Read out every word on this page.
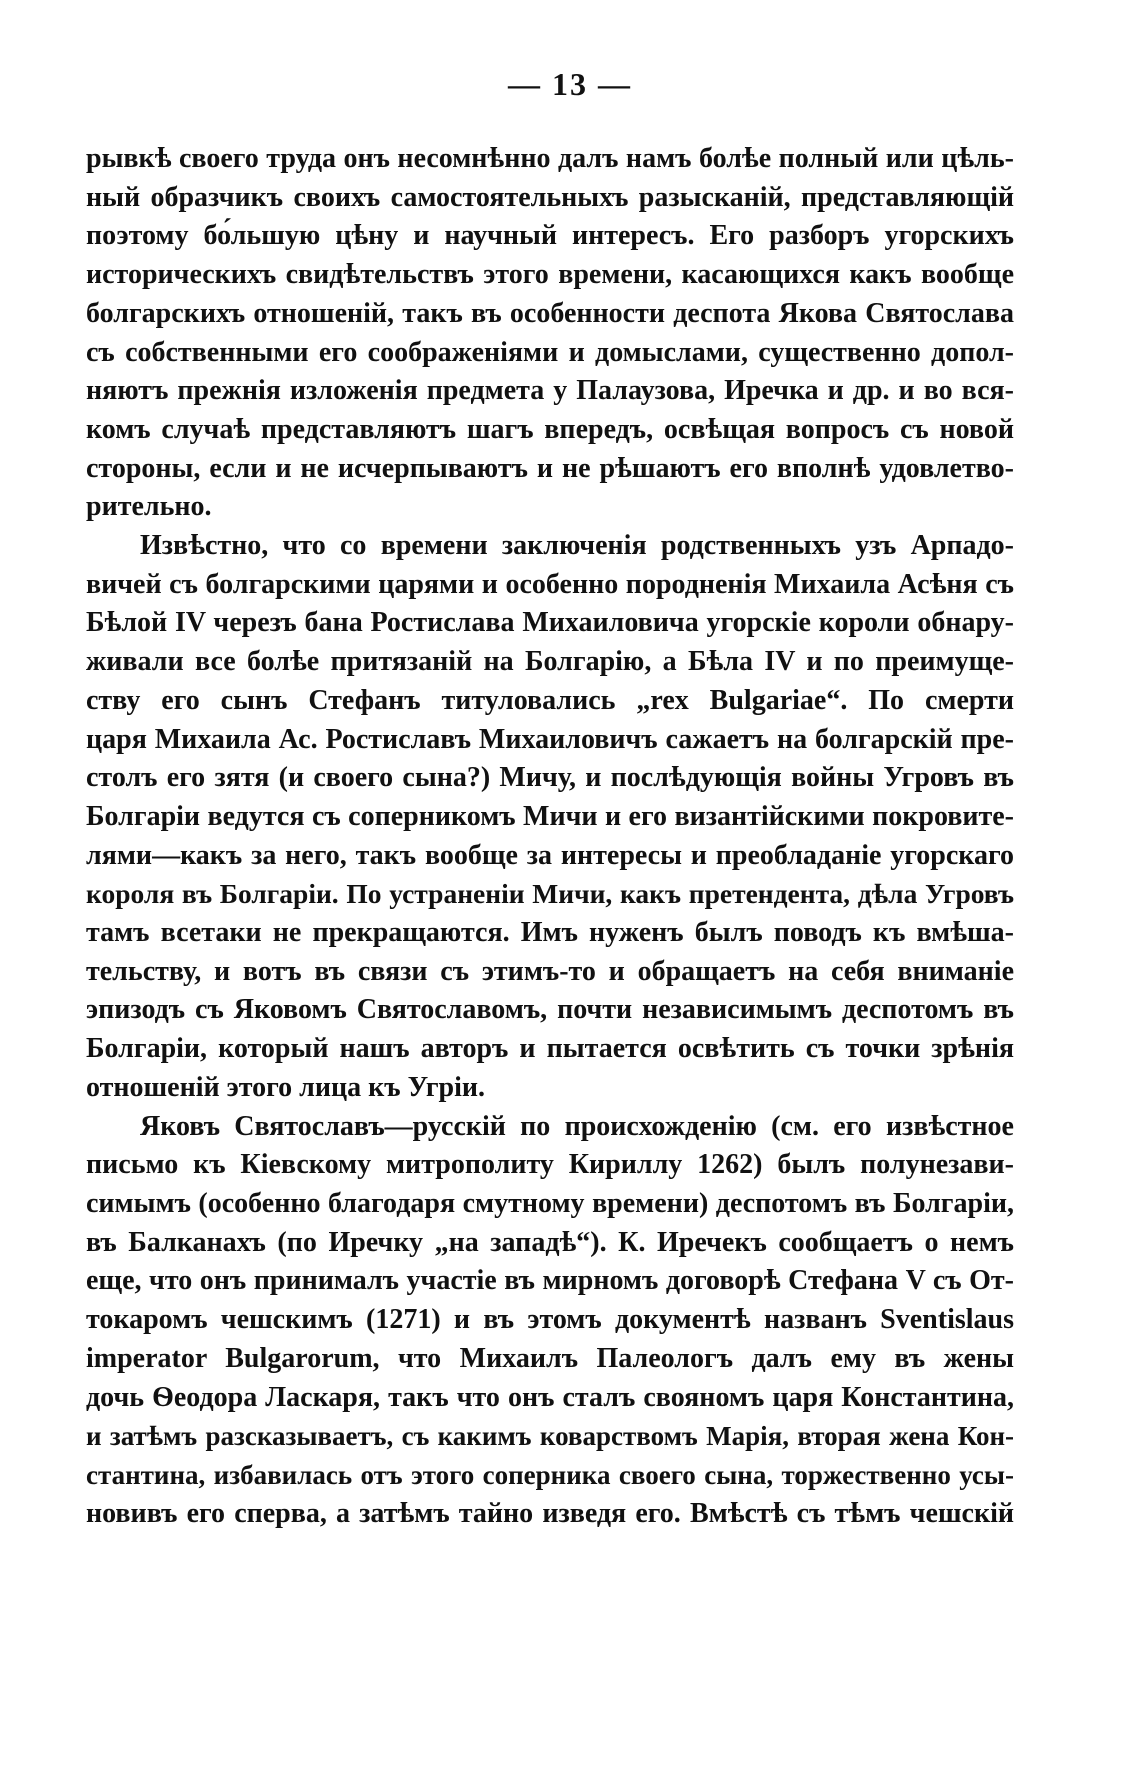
— 13 —
рывкѣ своего труда онъ несомнѣнно далъ намъ болѣе полный или цѣль-
ный образчикъ своихъ самостоятельныхъ разысканій, представляющій
поэтому бо́льшую цѣну и научный интересъ. Его разборъ угорскихъ
историческихъ свидѣтельствъ этого времени, касающихся какъ вообще
болгарскихъ отношеній, такъ въ особенности деспота Якова Святослава
съ собственными его соображеніями и домыслами, существенно допол-
няютъ прежнія изложенія предмета у Палаузова, Иречка и др. и во вся-
комъ случаѣ представляютъ шагъ впередъ, освѣщая вопросъ съ новой
стороны, если и не исчерпываютъ и не рѣшаютъ его вполнѣ удовлетво-
рительно.
Извѣстно, что со времени заключенія родственныхъ узъ Арпадо-
вичей съ болгарскими царями и особенно породненія Михаила Асѣня съ
Бѣлой IV черезъ бана Ростислава Михаиловича угорскіе короли обнару-
живали все болѣе притязаній на Болгарію, а Бѣла IV и по преимуще-
ству его сынъ Стефанъ титуловались „rex Bulgariae“. По смерти
царя Михаила Ас. Ростиславъ Михаиловичъ сажаетъ на болгарскій пре-
столъ его зятя (и своего сына?) Мичу, и послѣдующія войны Угровъ въ
Болгаріи ведутся съ соперникомъ Мичи и его византійскими покровите-
лями—какъ за него, такъ вообще за интересы и преобладаніе угорскаго
короля въ Болгаріи. По устраненіи Мичи, какъ претендента, дѣла Угровъ
тамъ всетаки не прекращаются. Имъ нуженъ былъ поводъ къ вмѣша-
тельству, и вотъ въ связи съ этимъ-то и обращаетъ на себя вниманіе
эпизодъ съ Яковомъ Святославомъ, почти независимымъ деспотомъ въ
Болгаріи, который нашъ авторъ и пытается освѣтить съ точки зрѣнія
отношеній этого лица къ Угріи.
Яковъ Святославъ—русскій по происхожденію (см. его извѣстное
письмо къ Кіевскому митрополиту Кириллу 1262) былъ полунезави-
симымъ (особенно благодаря смутному времени) деспотомъ въ Болгаріи,
въ Балканахъ (по Иречку „на западѣ“). К. Иречекъ сообщаетъ о немъ
еще, что онъ принималъ участіе въ мирномъ договорѣ Стефана V съ От-
токаромъ чешскимъ (1271) и въ этомъ документѣ названъ Sventislaus
imperator Bulgarorum, что Михаилъ Палеологъ далъ ему въ жены
дочь Ѳеодора Ласкаря, такъ что онъ сталъ свояномъ царя Константина,
и затѣмъ разсказываетъ, съ какимъ коварствомъ Марія, вторая жена Кон-
стантина, избавилась отъ этого соперника своего сына, торжественно усы-
новивъ его сперва, а затѣмъ тайно изведя его. Вмѣстѣ съ тѣмъ чешскій
